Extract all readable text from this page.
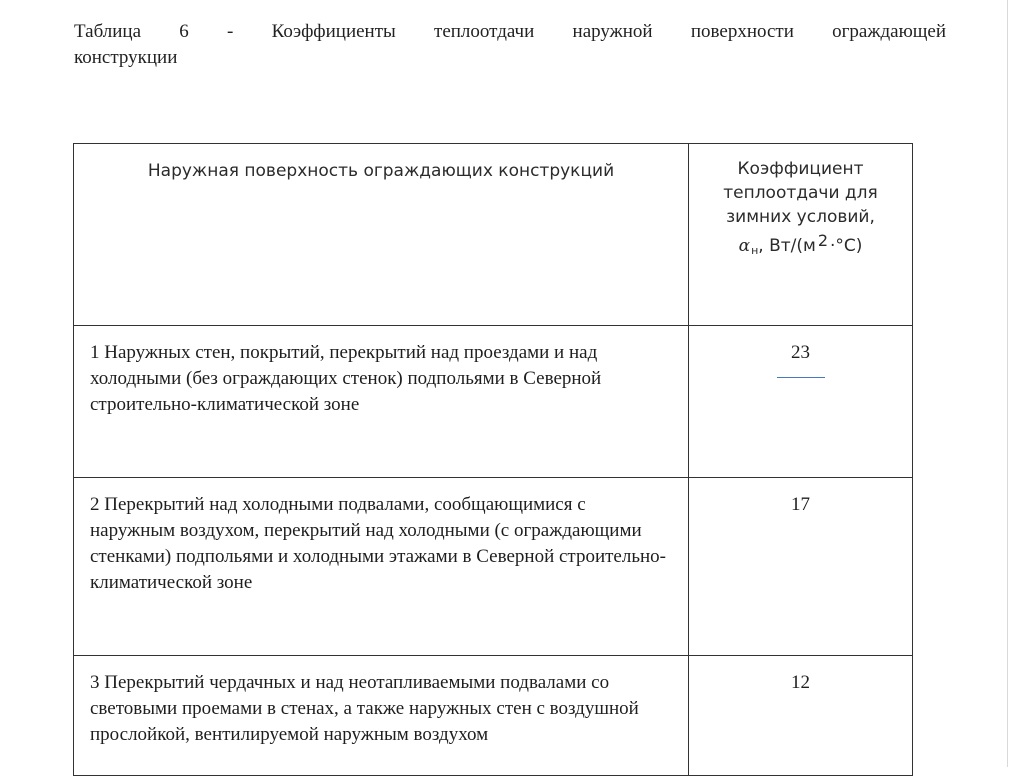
Таблица 6 - Коэффициенты теплоотдачи наружной поверхности ограждающей
конструкции
Наружная поверхность ограждающих конструкций	Коэффициент
теплоотдачи для
зимних условий,
αн, Вт/(м 2 ·°С)

1 Наружных стен, покрытий, перекрытий над проездами и над холодными (без ограждающих стенок) подпольями в Северной строительно-климатической зоне	23

2 Перекрытий над холодными подвалами, сообщающимися с наружным воздухом, перекрытий над холодными (с ограждающими стенками) подпольями и холодными этажами в Северной строительно-климатической зоне	17
3 Перекрытий чердачных и над неотапливаемыми подвалами со световыми проемами в стенах, а также наружных стен с воздушной прослойкой, вентилируемой наружным воздухом	12
